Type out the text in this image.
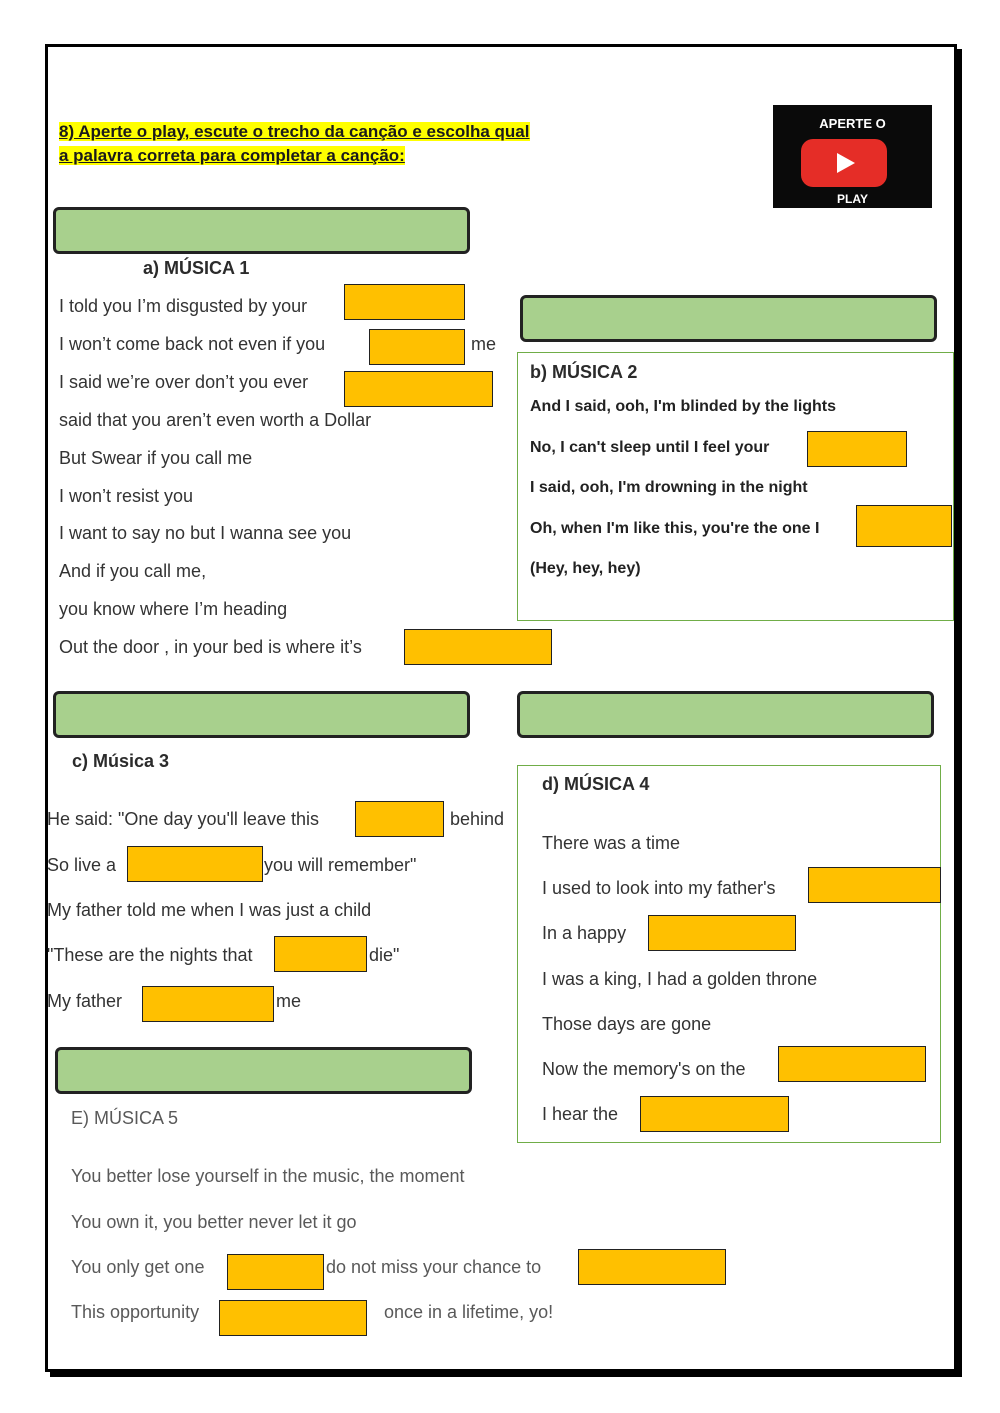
8) Aperte o play, escute o trecho da canção e escolha qual
a palavra correta para completar a canção:
APERTE O
PLAY
a) MÚSICA 1
I told you I’m disgusted by your
I won’t come back not even if you	me
I said we’re over don’t you ever
said that you aren’t even worth a Dollar
But Swear if you call me
I won’t resist you
I want to say no but I wanna see you
And if you call me,
you know where I’m heading
Out the door , in your bed is where it’s
b) MÚSICA 2
And I said, ooh, I'm blinded by the lights
No, I can't sleep until I feel your
I said, ooh, I'm drowning in the night
Oh, when I'm like this, you're the one I
(Hey, hey, hey)
c) Música 3
He said: "One day you'll leave this	behind
So live a	you will remember"
My father told me when I was just a child
"These are the nights that	die"
My father	me
d) MÚSICA 4
There was a time
I used to look into my father's
In a happy
I was a king, I had a golden throne
Those days are gone
Now the memory's on the
I hear the
E) MÚSICA 5
You better lose yourself in the music, the moment
You own it, you better never let it go
You only get one	do not miss your chance to
This opportunity	once in a lifetime, yo!
